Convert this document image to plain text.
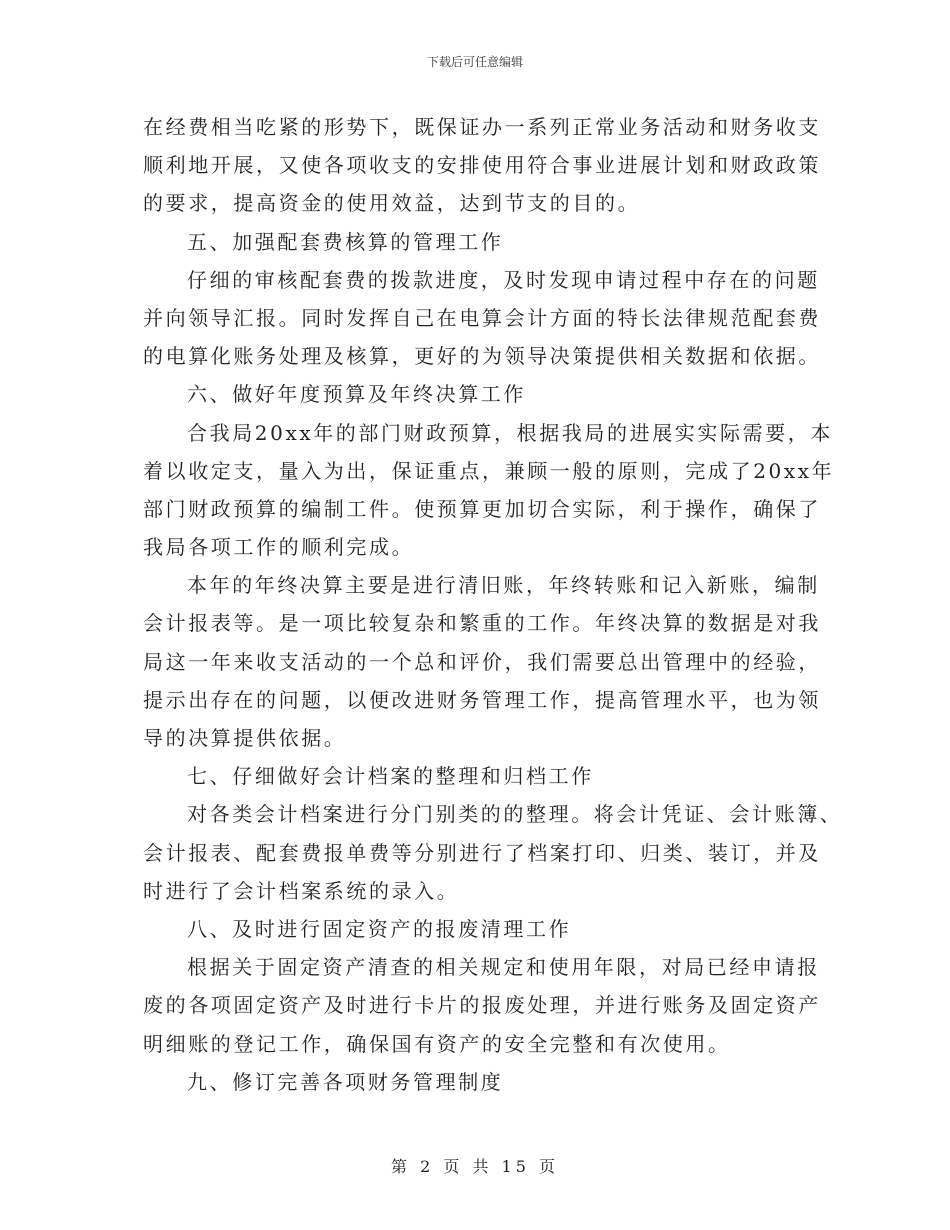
下载后可任意编辑
在经费相当吃紧的形势下，既保证办一系列正常业务活动和财务收支
顺利地开展，又使各项收支的安排使用符合事业进展计划和财政政策
的要求，提高资金的使用效益，达到节支的目的。
五、加强配套费核算的管理工作
仔细的审核配套费的拨款进度，及时发现申请过程中存在的问题
并向领导汇报。同时发挥自己在电算会计方面的特长法律规范配套费
的电算化账务处理及核算，更好的为领导决策提供相关数据和依据。
六、做好年度预算及年终决算工作
合我局20xx年的部门财政预算，根据我局的进展实实际需要，本
着以收定支，量入为出，保证重点，兼顾一般的原则，完成了20xx年
部门财政预算的编制工件。使预算更加切合实际，利于操作，确保了
我局各项工作的顺利完成。
本年的年终决算主要是进行清旧账，年终转账和记入新账，编制
会计报表等。是一项比较复杂和繁重的工作。年终决算的数据是对我
局这一年来收支活动的一个总和评价，我们需要总出管理中的经验，
提示出存在的问题，以便改进财务管理工作，提高管理水平，也为领
导的决算提供依据。
七、仔细做好会计档案的整理和归档工作
对各类会计档案进行分门别类的的整理。将会计凭证、会计账簿、
会计报表、配套费报单费等分别进行了档案打印、归类、装订，并及
时进行了会计档案系统的录入。
八、及时进行固定资产的报废清理工作
根据关于固定资产清查的相关规定和使用年限，对局已经申请报
废的各项固定资产及时进行卡片的报废处理，并进行账务及固定资产
明细账的登记工作，确保国有资产的安全完整和有次使用。
九、修订完善各项财务管理制度
第 2 页 共 15 页
